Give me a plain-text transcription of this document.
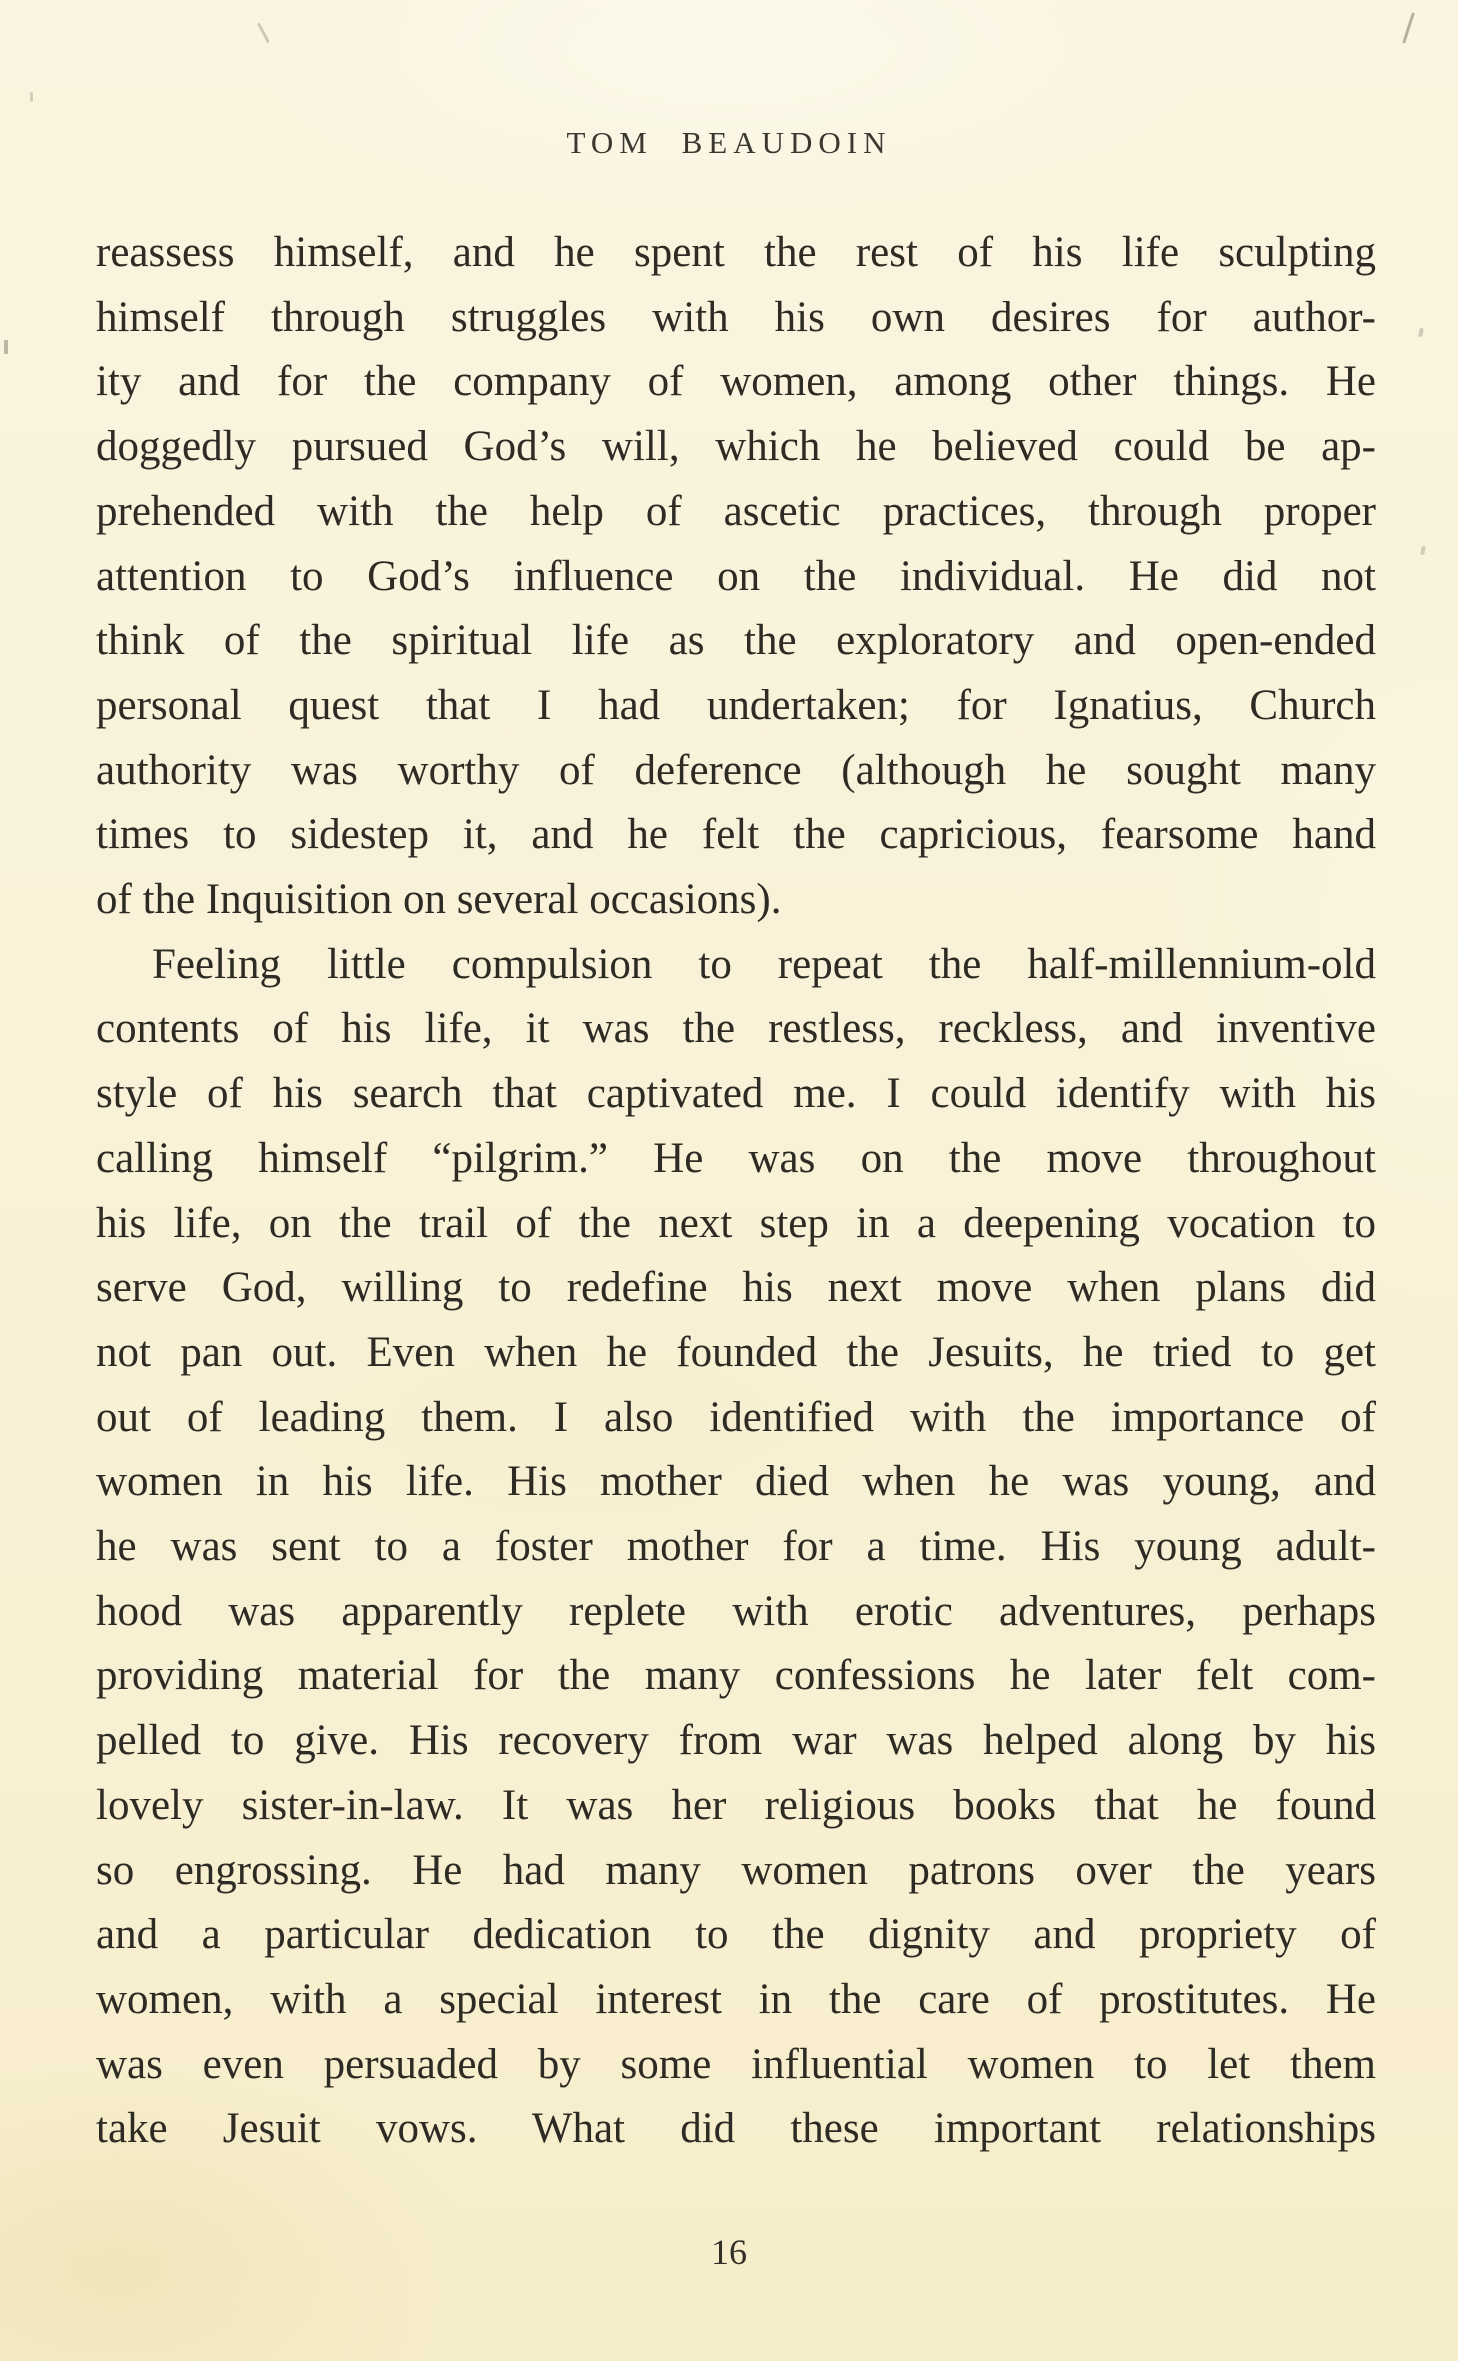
TOM BEAUDOIN
reassess himself, and he spent the rest of his life sculpting
himself through struggles with his own desires for author-
ity and for the company of women, among other things. He
doggedly pursued God’s will, which he believed could be ap-
prehended with the help of ascetic practices, through proper
attention to God’s influence on the individual. He did not
think of the spiritual life as the exploratory and open-ended
personal quest that I had undertaken; for Ignatius, Church
authority was worthy of deference (although he sought many
times to sidestep it, and he felt the capricious, fearsome hand
of the Inquisition on several occasions).
Feeling little compulsion to repeat the half-millennium-old
contents of his life, it was the restless, reckless, and inventive
style of his search that captivated me. I could identify with his
calling himself “pilgrim.” He was on the move throughout
his life, on the trail of the next step in a deepening vocation to
serve God, willing to redefine his next move when plans did
not pan out. Even when he founded the Jesuits, he tried to get
out of leading them. I also identified with the importance of
women in his life. His mother died when he was young, and
he was sent to a foster mother for a time. His young adult-
hood was apparently replete with erotic adventures, perhaps
providing material for the many confessions he later felt com-
pelled to give. His recovery from war was helped along by his
lovely sister-in-law. It was her religious books that he found
so engrossing. He had many women patrons over the years
and a particular dedication to the dignity and propriety of
women, with a special interest in the care of prostitutes. He
was even persuaded by some influential women to let them
take Jesuit vows. What did these important relationships
16
